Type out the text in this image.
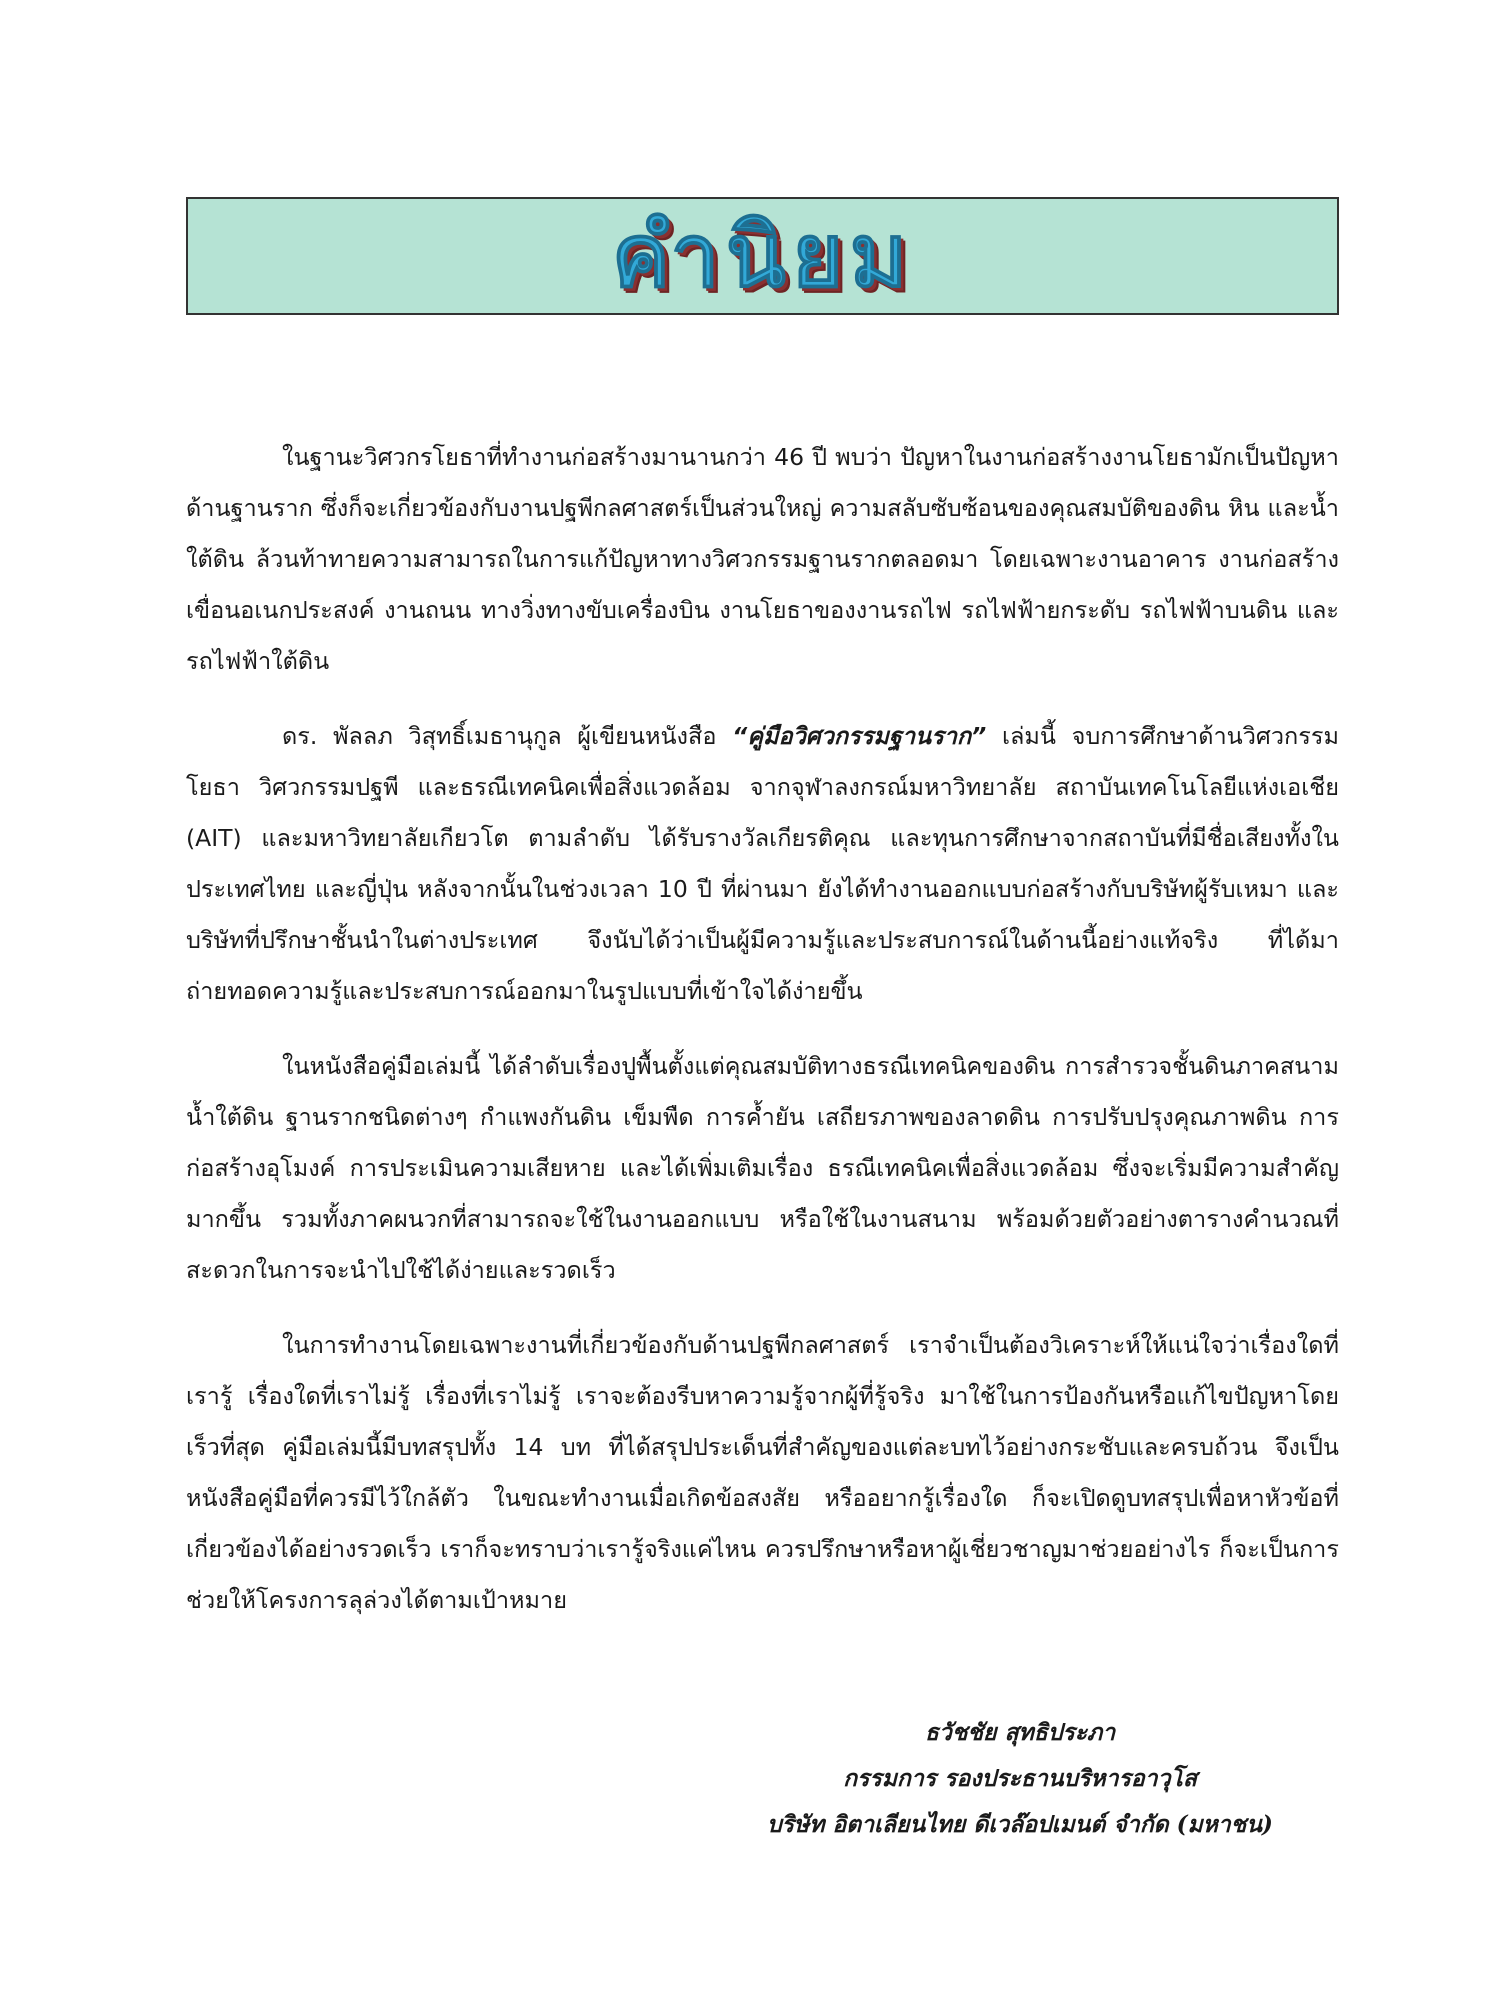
คำนิยม

ในฐานะวิศวกรโยธาที่ทำงานก่อสร้างมานานกว่า 46 ปี พบว่า ปัญหาในงานก่อสร้างงานโยธามักเป็นปัญหาด้านฐานราก ซึ่งก็จะเกี่ยวข้องกับงานปฐพีกลศาสตร์เป็นส่วนใหญ่ ความสลับซับซ้อนของคุณสมบัติของดิน หิน และน้ำใต้ดิน ล้วนท้าทายความสามารถในการแก้ปัญหาทางวิศวกรรมฐานรากตลอดมา โดยเฉพาะงานอาคาร งานก่อสร้างเขื่อนอเนกประสงค์ งานถนน ทางวิ่งทางขับเครื่องบิน งานโยธาของงานรถไฟ รถไฟฟ้ายกระดับ รถไฟฟ้าบนดิน และรถไฟฟ้าใต้ดิน

ดร. พัลลภ วิสุทธิ์เมธานุกูล ผู้เขียนหนังสือ “คู่มือวิศวกรรมฐานราก” เล่มนี้ จบการศึกษาด้านวิศวกรรมโยธา วิศวกรรมปฐพี และธรณีเทคนิคเพื่อสิ่งแวดล้อม จากจุฬาลงกรณ์มหาวิทยาลัย สถาบันเทคโนโลยีแห่งเอเชีย (AIT) และมหาวิทยาลัยเกียวโต ตามลำดับ ได้รับรางวัลเกียรติคุณ และทุนการศึกษาจากสถาบันที่มีชื่อเสียงทั้งในประเทศไทย และญี่ปุ่น หลังจากนั้นในช่วงเวลา 10 ปี ที่ผ่านมา ยังได้ทำงานออกแบบก่อสร้างกับบริษัทผู้รับเหมา และบริษัทที่ปรึกษาชั้นนำในต่างประเทศ จึงนับได้ว่าเป็นผู้มีความรู้และประสบการณ์ในด้านนี้อย่างแท้จริง ที่ได้มาถ่ายทอดความรู้และประสบการณ์ออกมาในรูปแบบที่เข้าใจได้ง่ายขึ้น

ในหนังสือคู่มือเล่มนี้ ได้ลำดับเรื่องปูพื้นตั้งแต่คุณสมบัติทางธรณีเทคนิคของดิน การสำรวจชั้นดินภาคสนาม น้ำใต้ดิน ฐานรากชนิดต่างๆ กำแพงกันดิน เข็มพืด การค้ำยัน เสถียรภาพของลาดดิน การปรับปรุงคุณภาพดิน การก่อสร้างอุโมงค์ การประเมินความเสียหาย และได้เพิ่มเติมเรื่อง ธรณีเทคนิคเพื่อสิ่งแวดล้อม ซึ่งจะเริ่มมีความสำคัญมากขึ้น รวมทั้งภาคผนวกที่สามารถจะใช้ในงานออกแบบ หรือใช้ในงานสนาม พร้อมด้วยตัวอย่างตารางคำนวณที่สะดวกในการจะนำไปใช้ได้ง่ายและรวดเร็ว

ในการทำงานโดยเฉพาะงานที่เกี่ยวข้องกับด้านปฐพีกลศาสตร์ เราจำเป็นต้องวิเคราะห์ให้แน่ใจว่าเรื่องใดที่เรารู้ เรื่องใดที่เราไม่รู้ เรื่องที่เราไม่รู้ เราจะต้องรีบหาความรู้จากผู้ที่รู้จริง มาใช้ในการป้องกันหรือแก้ไขปัญหาโดยเร็วที่สุด คู่มือเล่มนี้มีบทสรุปทั้ง 14 บท ที่ได้สรุปประเด็นที่สำคัญของแต่ละบทไว้อย่างกระชับและครบถ้วน จึงเป็นหนังสือคู่มือที่ควรมีไว้ใกล้ตัว ในขณะทำงานเมื่อเกิดข้อสงสัย หรืออยากรู้เรื่องใด ก็จะเปิดดูบทสรุปเพื่อหาหัวข้อที่เกี่ยวข้องได้อย่างรวดเร็ว เราก็จะทราบว่าเรารู้จริงแค่ไหน ควรปรึกษาหรือหาผู้เชี่ยวชาญมาช่วยอย่างไร ก็จะเป็นการช่วยให้โครงการลุล่วงได้ตามเป้าหมาย

ธวัชชัย สุทธิประภา
กรรมการ รองประธานบริหารอาวุโส
บริษัท อิตาเลียนไทย ดีเวล๊อปเมนต์ จำกัด (มหาชน)
